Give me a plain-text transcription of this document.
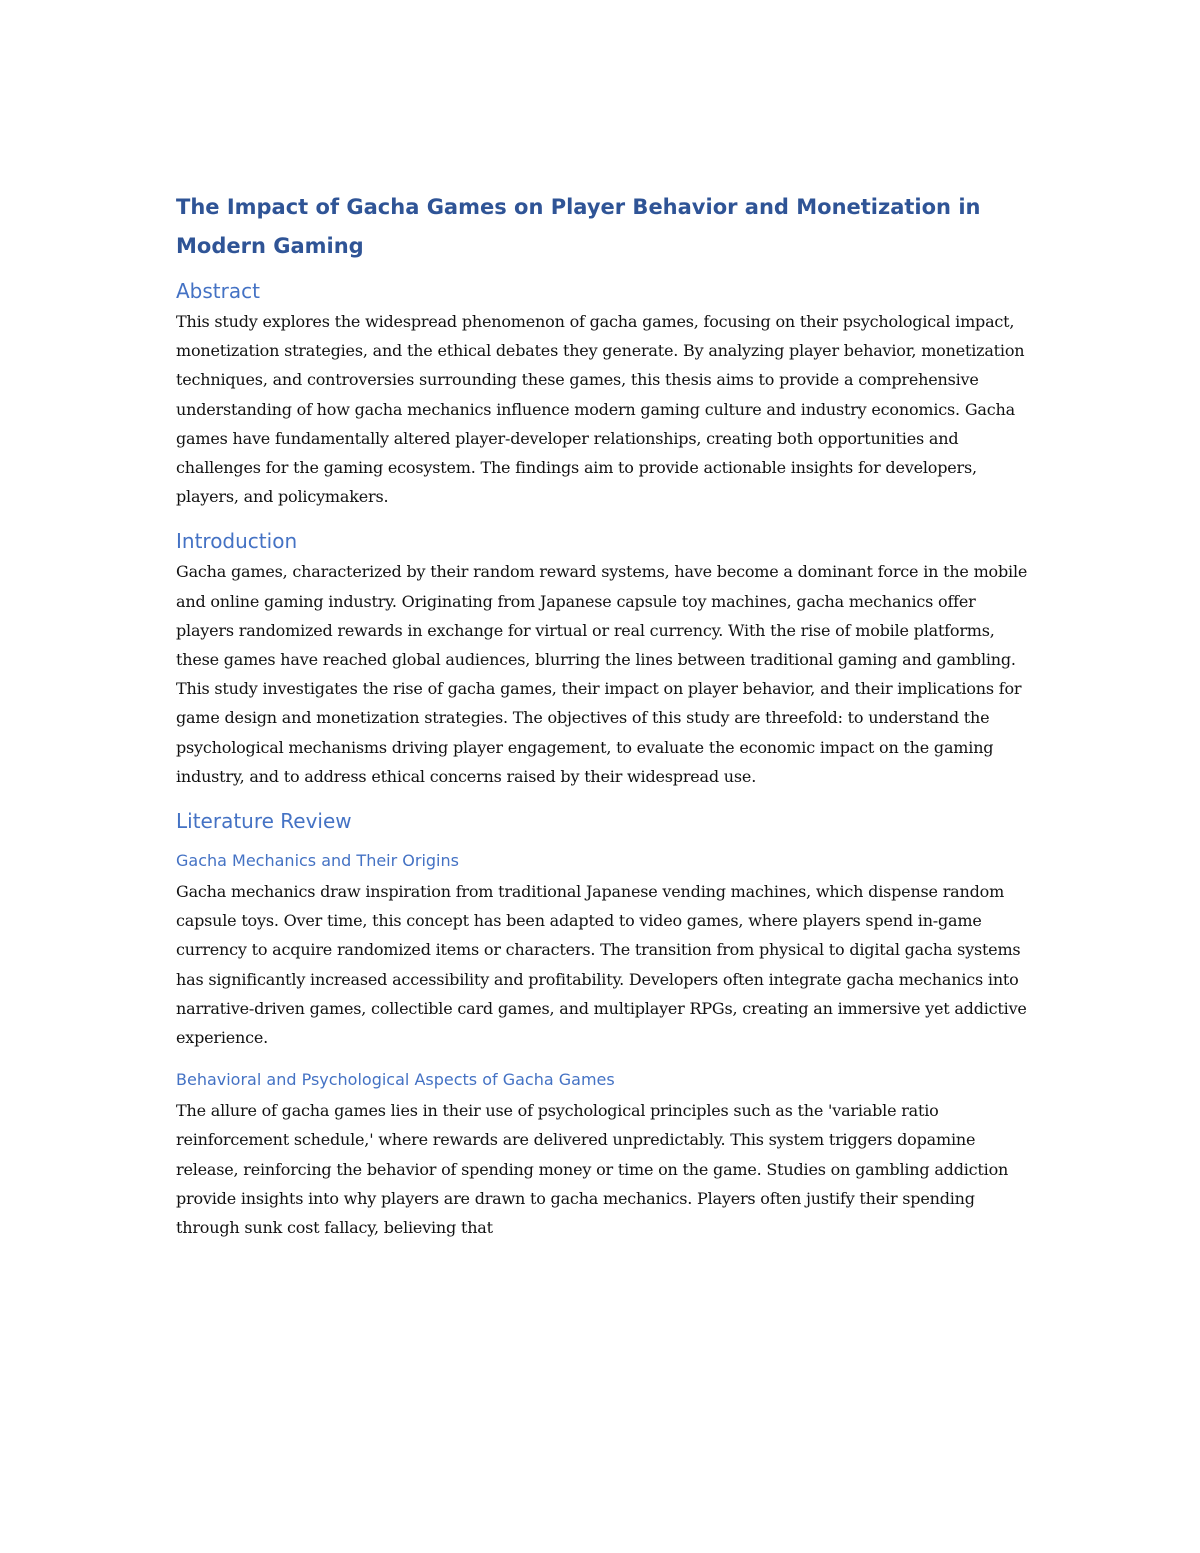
The Impact of Gacha Games on Player Behavior and Monetization in Modern Gaming
Abstract

This study explores the widespread phenomenon of gacha games, focusing on their psychological impact, monetization strategies, and the ethical debates they generate. By analyzing player behavior, monetization techniques, and controversies surrounding these games, this thesis aims to provide a comprehensive understanding of how gacha mechanics influence modern gaming culture and industry economics. Gacha games have fundamentally altered player-developer relationships, creating both opportunities and challenges for the gaming ecosystem. The findings aim to provide actionable insights for developers, players, and policymakers.

Introduction

Gacha games, characterized by their random reward systems, have become a dominant force in the mobile and online gaming industry. Originating from Japanese capsule toy machines, gacha mechanics offer players randomized rewards in exchange for virtual or real currency. With the rise of mobile platforms, these games have reached global audiences, blurring the lines between traditional gaming and gambling. This study investigates the rise of gacha games, their impact on player behavior, and their implications for game design and monetization strategies. The objectives of this study are threefold: to understand the psychological mechanisms driving player engagement, to evaluate the economic impact on the gaming industry, and to address ethical concerns raised by their widespread use.

Literature Review
Gacha Mechanics and Their Origins

Gacha mechanics draw inspiration from traditional Japanese vending machines, which dispense random capsule toys. Over time, this concept has been adapted to video games, where players spend in-game currency to acquire randomized items or characters. The transition from physical to digital gacha systems has significantly increased accessibility and profitability. Developers often integrate gacha mechanics into narrative-driven games, collectible card games, and multiplayer RPGs, creating an immersive yet addictive experience.

Behavioral and Psychological Aspects of Gacha Games

The allure of gacha games lies in their use of psychological principles such as the 'variable ratio reinforcement schedule,' where rewards are delivered unpredictably. This system triggers dopamine release, reinforcing the behavior of spending money or time on the game. Studies on gambling addiction provide insights into why players are drawn to gacha mechanics. Players often justify their spending through sunk cost fallacy, believing that
